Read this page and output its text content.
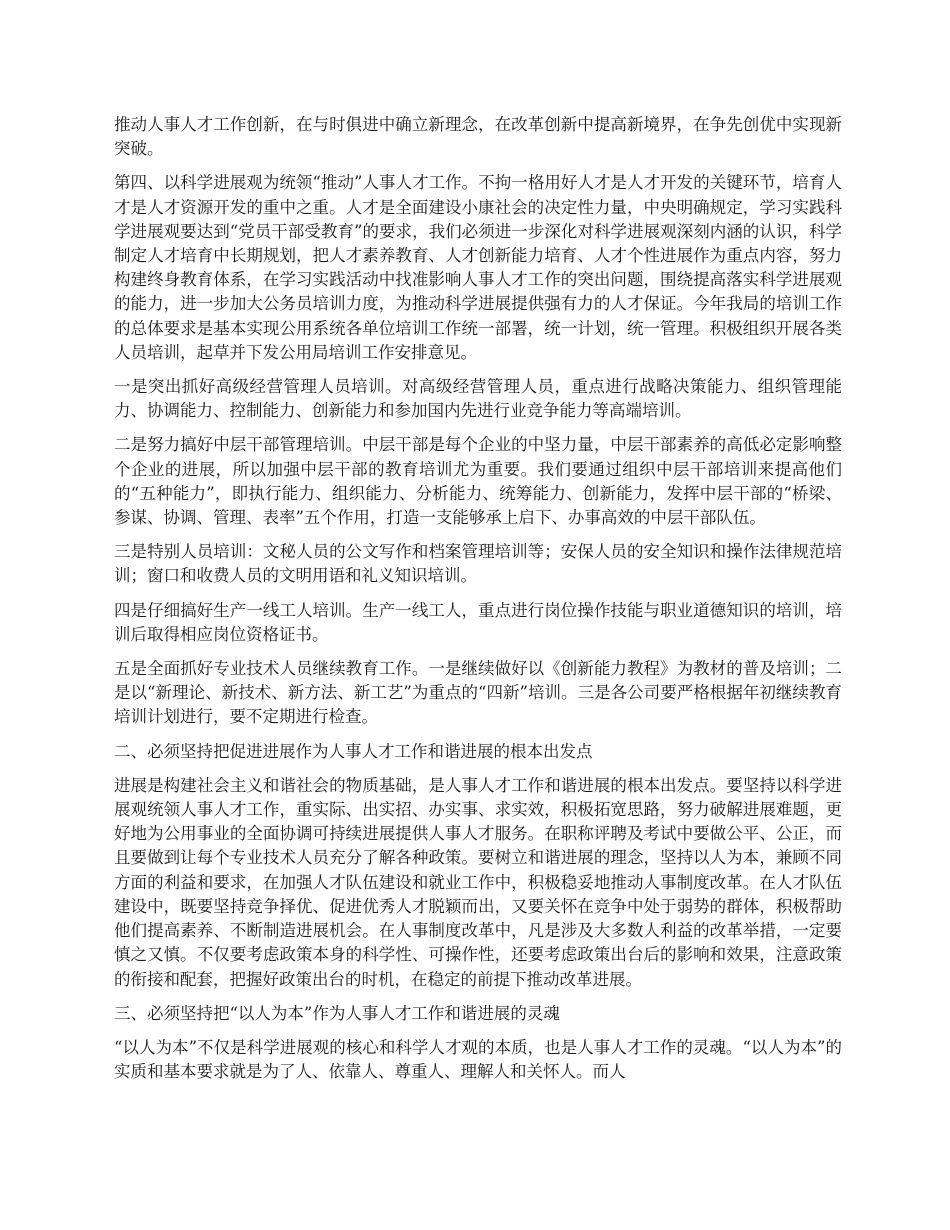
推动人事人才工作创新，在与时俱进中确立新理念，在改革创新中提高新境界，在争先创优中实现新突破。

第四、以科学进展观为统领“推动”人事人才工作。不拘一格用好人才是人才开发的关键环节，培育人才是人才资源开发的重中之重。人才是全面建设小康社会的决定性力量，中央明确规定，学习实践科学进展观要达到“党员干部受教育”的要求，我们必须进一步深化对科学进展观深刻内涵的认识，科学制定人才培育中长期规划，把人才素养教育、人才创新能力培育、人才个性进展作为重点内容，努力构建终身教育体系，在学习实践活动中找准影响人事人才工作的突出问题，围绕提高落实科学进展观的能力，进一步加大公务员培训力度，为推动科学进展提供强有力的人才保证。今年我局的培训工作的总体要求是基本实现公用系统各单位培训工作统一部署，统一计划，统一管理。积极组织开展各类人员培训，起草并下发公用局培训工作安排意见。

一是突出抓好高级经营管理人员培训。对高级经营管理人员，重点进行战略决策能力、组织管理能力、协调能力、控制能力、创新能力和参加国内先进行业竞争能力等高端培训。

二是努力搞好中层干部管理培训。中层干部是每个企业的中坚力量，中层干部素养的高低必定影响整个企业的进展，所以加强中层干部的教育培训尤为重要。我们要通过组织中层干部培训来提高他们的“五种能力”，即执行能力、组织能力、分析能力、统筹能力、创新能力，发挥中层干部的“桥梁、参谋、协调、管理、表率”五个作用，打造一支能够承上启下、办事高效的中层干部队伍。

三是特别人员培训：文秘人员的公文写作和档案管理培训等；安保人员的安全知识和操作法律规范培训；窗口和收费人员的文明用语和礼义知识培训。

四是仔细搞好生产一线工人培训。生产一线工人，重点进行岗位操作技能与职业道德知识的培训，培训后取得相应岗位资格证书。

五是全面抓好专业技术人员继续教育工作。一是继续做好以《创新能力教程》为教材的普及培训；二是以“新理论、新技术、新方法、新工艺”为重点的“四新”培训。三是各公司要严格根据年初继续教育培训计划进行，要不定期进行检查。

二、必须坚持把促进进展作为人事人才工作和谐进展的根本出发点

进展是构建社会主义和谐社会的物质基础，是人事人才工作和谐进展的根本出发点。要坚持以科学进展观统领人事人才工作，重实际、出实招、办实事、求实效，积极拓宽思路，努力破解进展难题，更好地为公用事业的全面协调可持续进展提供人事人才服务。在职称评聘及考试中要做公平、公正，而且要做到让每个专业技术人员充分了解各种政策。要树立和谐进展的理念，坚持以人为本，兼顾不同方面的利益和要求，在加强人才队伍建设和就业工作中，积极稳妥地推动人事制度改革。在人才队伍建设中，既要坚持竞争择优、促进优秀人才脱颖而出，又要关怀在竞争中处于弱势的群体，积极帮助他们提高素养、不断制造进展机会。在人事制度改革中，凡是涉及大多数人利益的改革举措，一定要慎之又慎。不仅要考虑政策本身的科学性、可操作性，还要考虑政策出台后的影响和效果，注意政策的衔接和配套，把握好政策出台的时机，在稳定的前提下推动改革进展。

三、必须坚持把“以人为本”作为人事人才工作和谐进展的灵魂

“以人为本”不仅是科学进展观的核心和科学人才观的本质，也是人事人才工作的灵魂。“以人为本”的实质和基本要求就是为了人、依靠人、尊重人、理解人和关怀人。而人
